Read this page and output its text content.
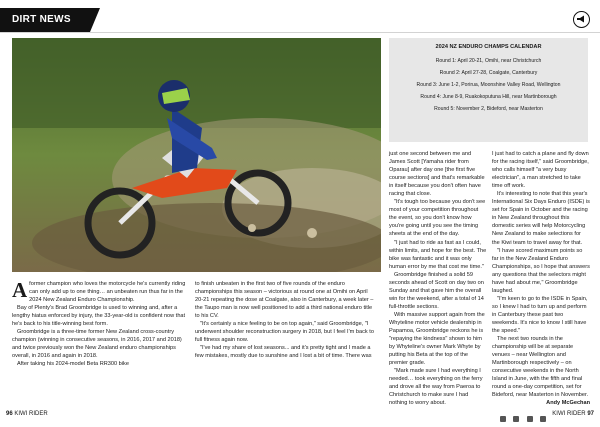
DIRT NEWS
2024 NZ ENDURO CHAMPS CALENDAR
Round 1: April 20-21, Omihi, near Christchurch
Round 2: April 27-28, Coalgate, Canterbury
Round 3: June 1-2, Porirua, Moonshine Valley Road, Wellington
Round 4: June 8-9, Ruakokoputuna Hill, near Martinborough
Round 5: November 2, Bideford, near Masterton

Aformer champion who loves the motorcycle he's currently riding can only add up to one thing… an unbeaten run thus far in the 2024 New Zealand Enduro Championship.

Bay of Plenty's Brad Groombridge is used to winning and, after a lengthy hiatus enforced by injury, the 33-year-old is confident now that he's back to his title-winning best form.

Groombridge is a three-time former New Zealand cross-country champion (winning in consecutive seasons, in 2016, 2017 and 2018) and twice previously won the New Zealand enduro championships overall, in 2016 and again in 2018.

After taking his 2024-model Beta RR300 bike

to finish unbeaten in the first two of five rounds of the enduro championships this season – victorious at round one at Omihi on April 20-21 repeating the dose at Coalgate, also in Canterbury, a week later – the Taupo man is now well positioned to add a third national enduro title to his CV.

"It's certainly a nice feeling to be on top again," said Groombridge, "I underwent shoulder reconstruction surgery in 2018, but I feel I'm back to full fitness again now.

"I've had my share of lost seasons... and it's pretty tight and I made a few mistakes, mostly due to sunshine and I lost a bit of time. There was

just one second between me and James Scott [Yamaha rider from Oparau] after day one [the first five course sections] and that's remarkable in itself because you don't often have racing that close.

"It's tough too because you don't see most of your competition throughout the event, so you don't know how you're going until you see the timing sheets at the end of the day.

"I just had to ride as fast as I could, within limits, and hope for the best. The bike was fantastic and it was only human error by me that cost me time."

Groombridge finished a solid 59 seconds ahead of Scott on day two on Sunday and that gave him the overall win for the weekend, after a total of 14 full-throttle sections.

With massive support again from the Whyteline motor vehicle dealership in Papamoa, Groombridge reckons he is "repaying the kindness" shown to him by Whyteline's owner Mark Whyte by putting his Beta at the top of the premier grade.

"Mark made sure I had everything I needed… took everything on the ferry and drove all the way from Paeroa to Christchurch to make sure I had nothing to worry about.

I just had to catch a plane and fly down for the racing itself," said Groombridge, who calls himself "a very busy electrician", a man stretched to take time off work.

It's interesting to note that this year's International Six Days Enduro (ISDE) is set for Spain in October and the racing in New Zealand throughout this domestic series will help Motorcycling New Zealand to make selections for the Kiwi team to travel away for that.

"I have scored maximum points so far in the New Zealand Enduro Championships, so I hope that answers any questions that the selectors might have had about me," Groombridge laughed.

"I'm keen to go to the ISDE in Spain, so I knew I had to turn up and perform in Canterbury these past two weekends. It's nice to know I still have the speed."

The next two rounds in the championship will be at separate venues – near Wellington and Martinborough respectively – on consecutive weekends in the North Island in June, with the fifth and final round a one-day competition, set for Bideford, near Masterton in November.

Andy McGechan

96 KIWI RIDER
	KIWI RIDER 97
